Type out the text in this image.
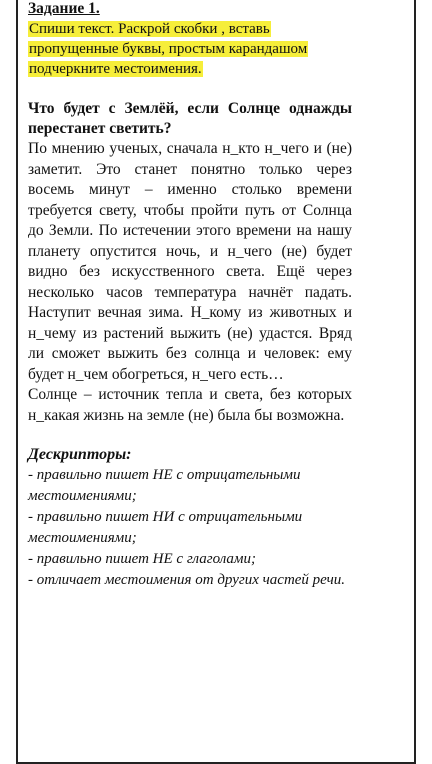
Задание 1.
Спиши текст. Раскрой скобки , вставь пропущенные буквы, простым карандашом подчеркните местоимения.
Что будет с Землёй, если Солнце однажды перестанет светить?

По мнению ученых, сначала н_кто н_чего и (не) заметит. Это станет понятно только через восемь минут – именно столько времени требуется свету, чтобы пройти путь от Солнца до Земли. По истечении этого времени на нашу планету опустится ночь, и н_чего (не) будет видно без искусственного света. Ещё через несколько часов температура начнёт падать. Наступит вечная зима. Н_кому из животных и н_чему из растений выжить (не) удастся. Вряд ли сможет выжить без солнца и человек: ему будет н_чем обогреться, н_чего есть…

Солнце – источник тепла и света, без которых н_какая жизнь на земле (не) была бы возможна.

Дескрипторы:

- правильно пишет НЕ с отрицательными местоимениями;

- правильно пишет НИ с отрицательными местоимениями;

- правильно пишет НЕ с глаголами;

- отличает местоимения от других частей речи.
